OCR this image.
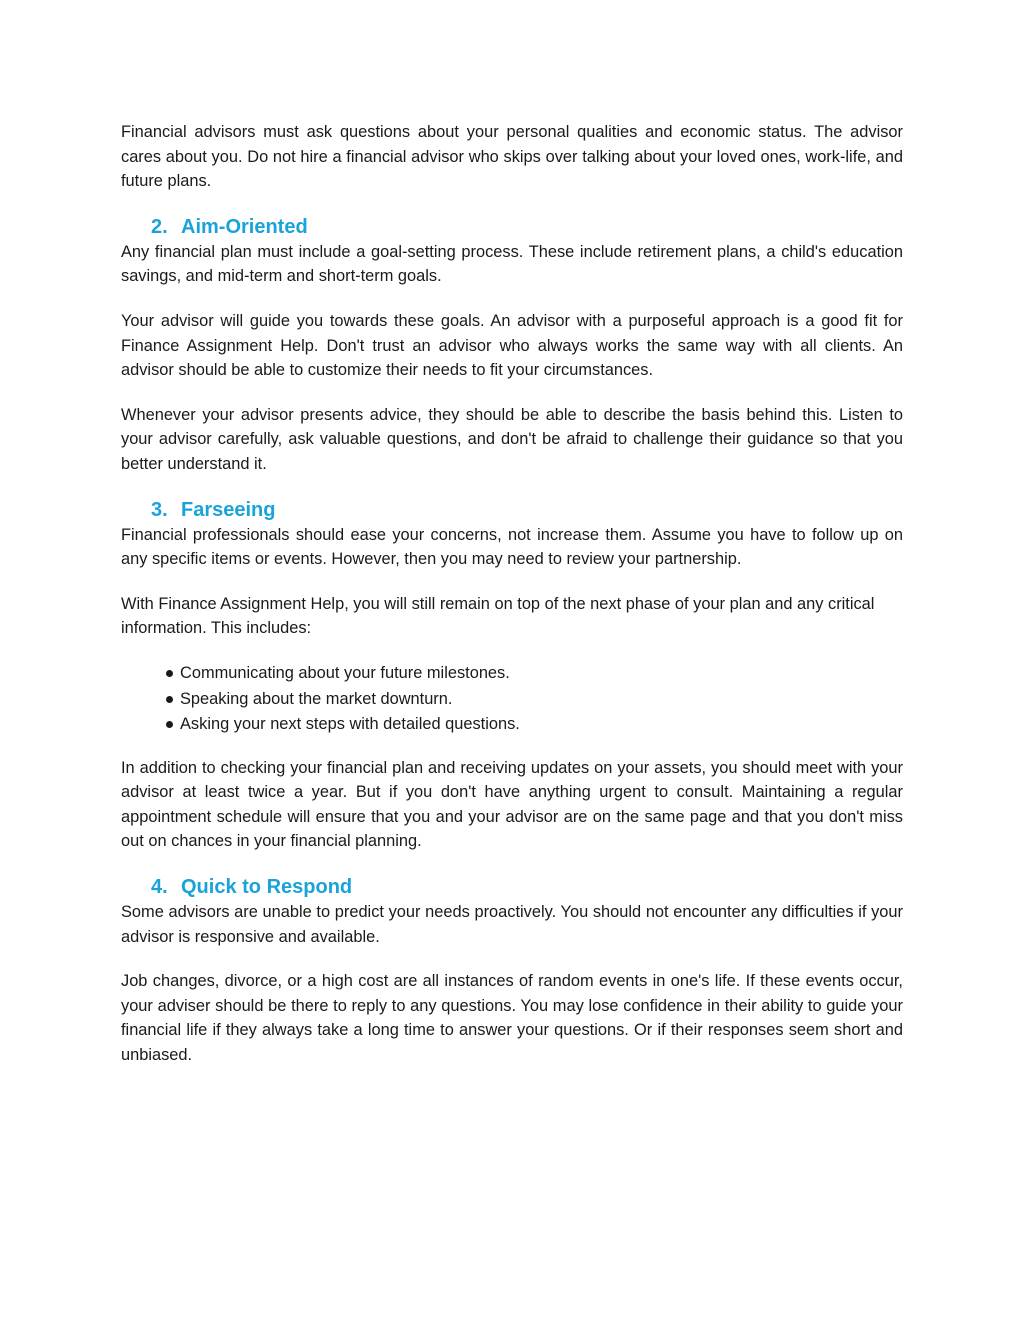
Financial advisors must ask questions about your personal qualities and economic status. The advisor cares about you. Do not hire a financial advisor who skips over talking about your loved ones, work-life, and future plans.

2. Aim-Oriented

Any financial plan must include a goal-setting process. These include retirement plans, a child's education savings, and mid-term and short-term goals.

Your advisor will guide you towards these goals. An advisor with a purposeful approach is a good fit for Finance Assignment Help. Don't trust an advisor who always works the same way with all clients. An advisor should be able to customize their needs to fit your circumstances.

Whenever your advisor presents advice, they should be able to describe the basis behind this. Listen to your advisor carefully, ask valuable questions, and don't be afraid to challenge their guidance so that you better understand it.

3. Farseeing

Financial professionals should ease your concerns, not increase them. Assume you have to follow up on any specific items or events. However, then you may need to review your partnership.

With Finance Assignment Help, you will still remain on top of the next phase of your plan and any critical information. This includes:

Communicating about your future milestones.
Speaking about the market downturn.
Asking your next steps with detailed questions.

In addition to checking your financial plan and receiving updates on your assets, you should meet with your advisor at least twice a year. But if you don't have anything urgent to consult. Maintaining a regular appointment schedule will ensure that you and your advisor are on the same page and that you don't miss out on chances in your financial planning.

4. Quick to Respond

Some advisors are unable to predict your needs proactively. You should not encounter any difficulties if your advisor is responsive and available.

Job changes, divorce, or a high cost are all instances of random events in one's life. If these events occur, your adviser should be there to reply to any questions. You may lose confidence in their ability to guide your financial life if they always take a long time to answer your questions. Or if their responses seem short and unbiased.
